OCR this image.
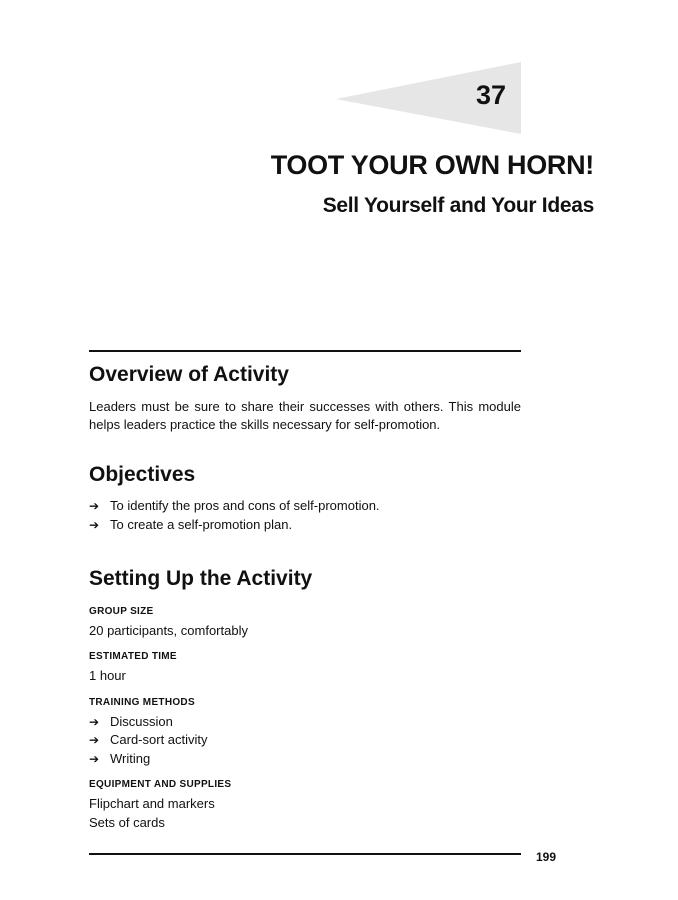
37
TOOT YOUR OWN HORN!
Sell Yourself and Your Ideas
Overview of Activity

Leaders must be sure to share their successes with others. This module helps leaders practice the skills necessary for self-promotion.

Objectives
➔ To identify the pros and cons of self-promotion.
➔ To create a self-promotion plan.
Setting Up the Activity
GROUP SIZE
20 participants, comfortably
ESTIMATED TIME
1 hour
TRAINING METHODS
➔ Discussion
➔ Card-sort activity
➔ Writing
EQUIPMENT AND SUPPLIES
Flipchart and markers
Sets of cards
199
